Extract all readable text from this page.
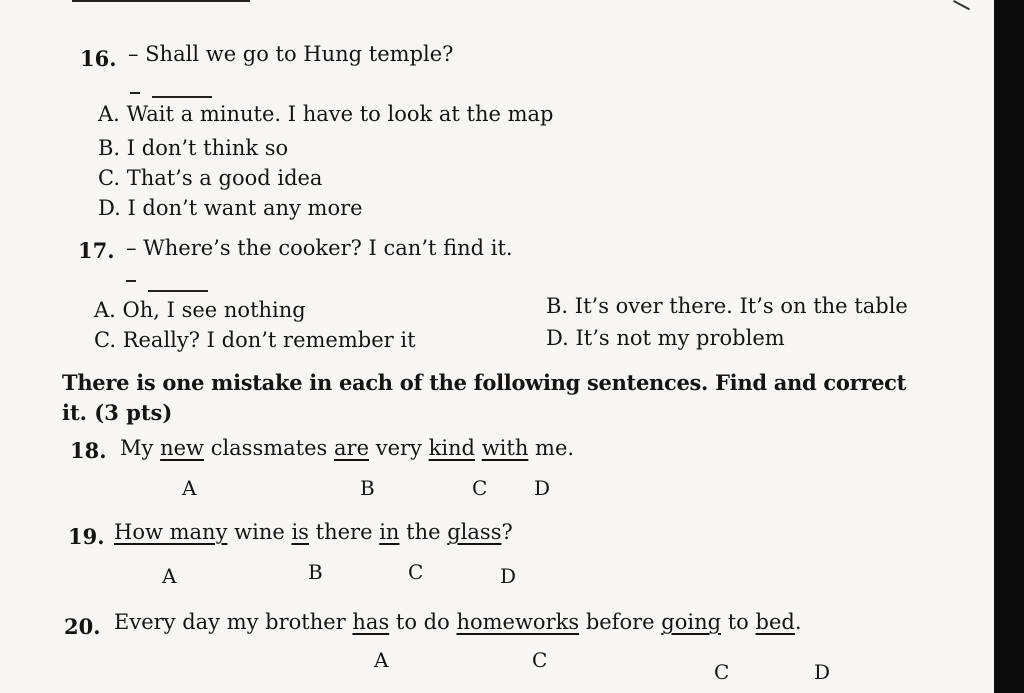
16. – Shall we go to Hung temple?
A. Wait a minute. I have to look at the map
B. I don’t think so
C. That’s a good idea
D. I don’t want any more
17. – Where’s the cooker? I can’t find it.
A. Oh, I see nothing	B. It’s over there. It’s on the table
C. Really? I don’t remember it	D. It’s not my problem
There is one mistake in each of the following sentences. Find and correct
it. (3 pts)
18. My new classmates are very kind with me.
A	B	C D
19. How many wine is there in the glass?
A	B	C	D
20. Every day my brother has to do homeworks before going to bed.
A	C	C	D
